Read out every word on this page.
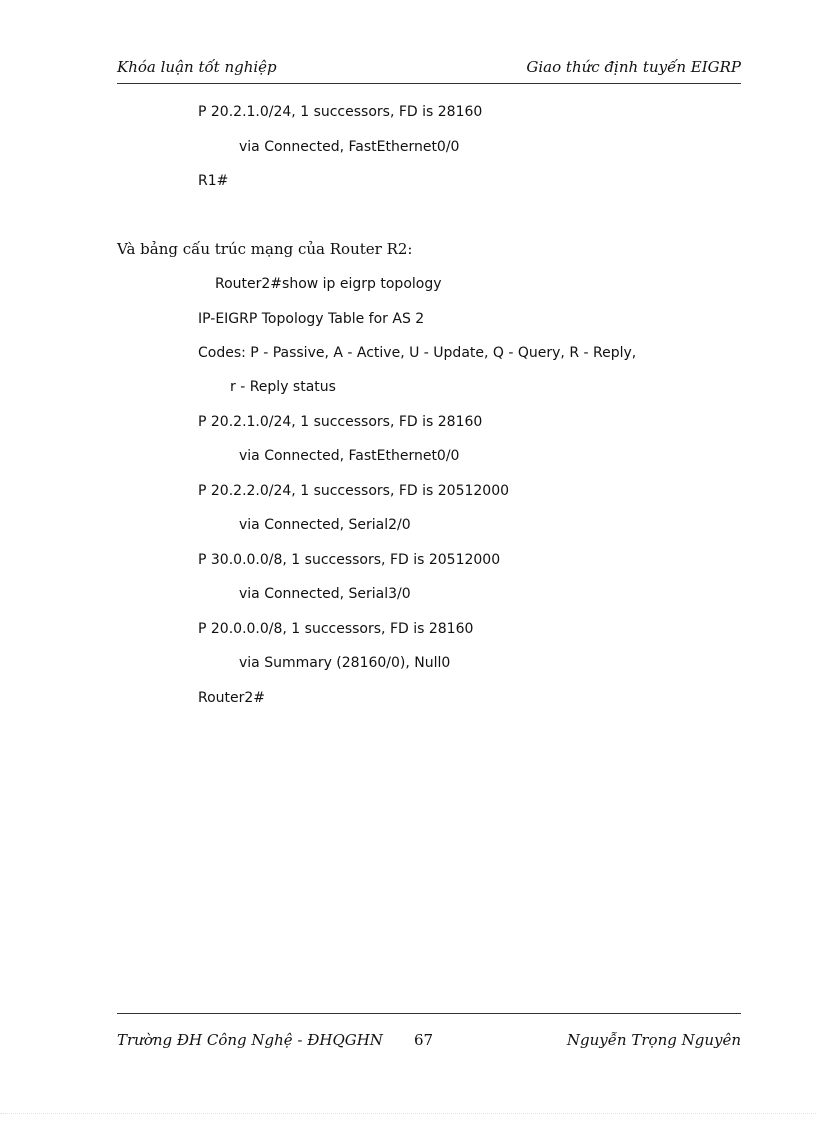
Khóa luận tốt nghiệp	Giao thức định tuyến EIGRP
P 20.2.1.0/24, 1 successors, FD is 28160
via Connected, FastEthernet0/0
R1#
Và bảng cấu trúc mạng của Router R2:
Router2#show ip eigrp topology
IP-EIGRP Topology Table for AS 2
Codes: P - Passive, A - Active, U - Update, Q - Query, R - Reply,
r - Reply status
P 20.2.1.0/24, 1 successors, FD is 28160
via Connected, FastEthernet0/0
P 20.2.2.0/24, 1 successors, FD is 20512000
via Connected, Serial2/0
P 30.0.0.0/8, 1 successors, FD is 20512000
via Connected, Serial3/0
P 20.0.0.0/8, 1 successors, FD is 28160
via Summary (28160/0), Null0
Router2#
Trường ĐH Công Nghệ - ĐHQGHN 67	Nguyễn Trọng Nguyên
